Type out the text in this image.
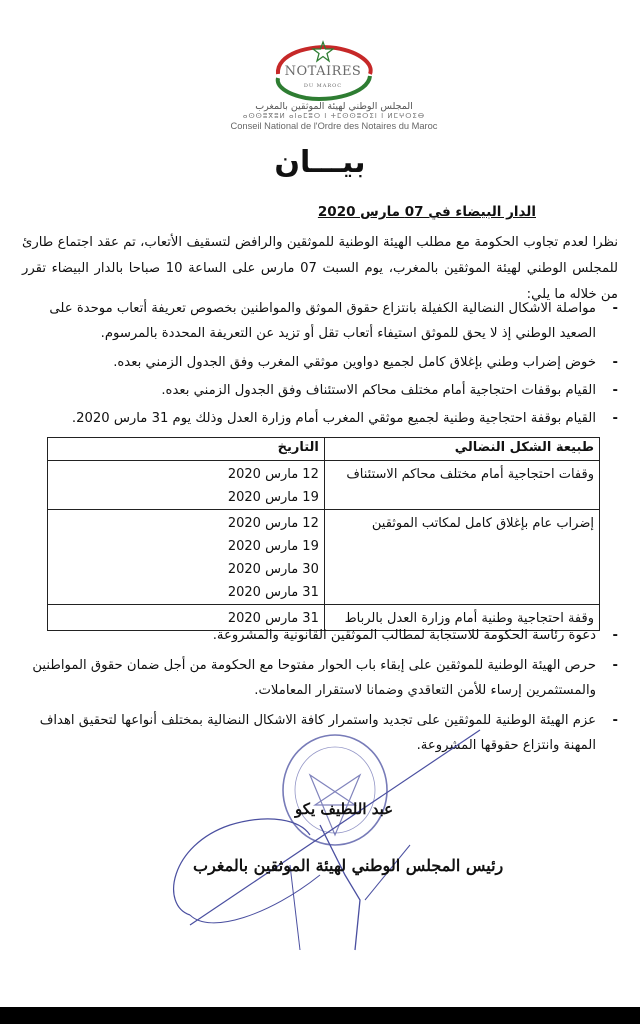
NOTAIRES
DU MAROC
المجلس الوطني لهيئة الموثقين بالمغرب
ⴰⵙⵙⵓⴳⵓⵍ ⴰⵏⴰⵎⵓⵔ ⵏ ⵜⵎⵙⵙⵓⵔⵉⵏ ⵏ ⵍⵎⵖⵔⵉⴱ
Conseil National de l'Ordre des Notaires du Maroc
بيـــان
الدار البيضاء في 07 مارس 2020
نظرا لعدم تجاوب الحكومة مع مطلب الهيئة الوطنية للموثقين والرافض لتسقيف الأتعاب، تم عقد اجتماع طارئ للمجلس الوطني لهيئة الموثقين بالمغرب، يوم السبت 07 مارس على الساعة 10 صباحا بالدار البيضاء تقرر من خلاله ما يلي:
-
مواصلة الاشكال النضالية الكفيلة بانتزاع حقوق الموثق والمواطنين بخصوص تعريفة أتعاب موحدة على الصعيد الوطني إذ لا يحق للموثق استيفاء أتعاب تقل أو تزيد عن التعريفة المحددة بالمرسوم.
-
خوض إضراب وطني بإغلاق كامل لجميع دواوين موثقي المغرب وفق الجدول الزمني بعده.
-
القيام بوقفات احتجاجية أمام مختلف محاكم الاستئناف وفق الجدول الزمني بعده.
-
القيام بوقفة احتجاجية وطنية لجميع موثقي المغرب أمام وزارة العدل وذلك يوم 31 مارس 2020.
طبيعة الشكل النضالي	التاريخ
وقفات احتجاجية أمام مختلف محاكم الاستئناف	12 مارس 2020
19 مارس 2020

إضراب عام بإغلاق كامل لمكاتب الموثقين	12 مارس 2020
19 مارس 2020
30 مارس 2020
31 مارس 2020

وقفة احتجاجية وطنية أمام وزارة العدل بالرباط	31 مارس 2020
-
دعوة رئاسة الحكومة للاستجابة لمطالب الموثقين القانونية والمشروعة.
-
حرص الهيئة الوطنية للموثقين على إبقاء باب الحوار مفتوحا مع الحكومة من أجل ضمان حقوق المواطنين والمستثمرين إرساء للأمن التعاقدي وضمانا لاستقرار المعاملات.
-
عزم الهيئة الوطنية للموثقين على تجديد واستمرار كافة الاشكال النضالية بمختلف أنواعها لتحقيق اهداف المهنة وانتزاع حقوقها المشروعة.
عبد اللطيف يكو
رئيس المجلس الوطني لهيئة الموثقين بالمغرب
